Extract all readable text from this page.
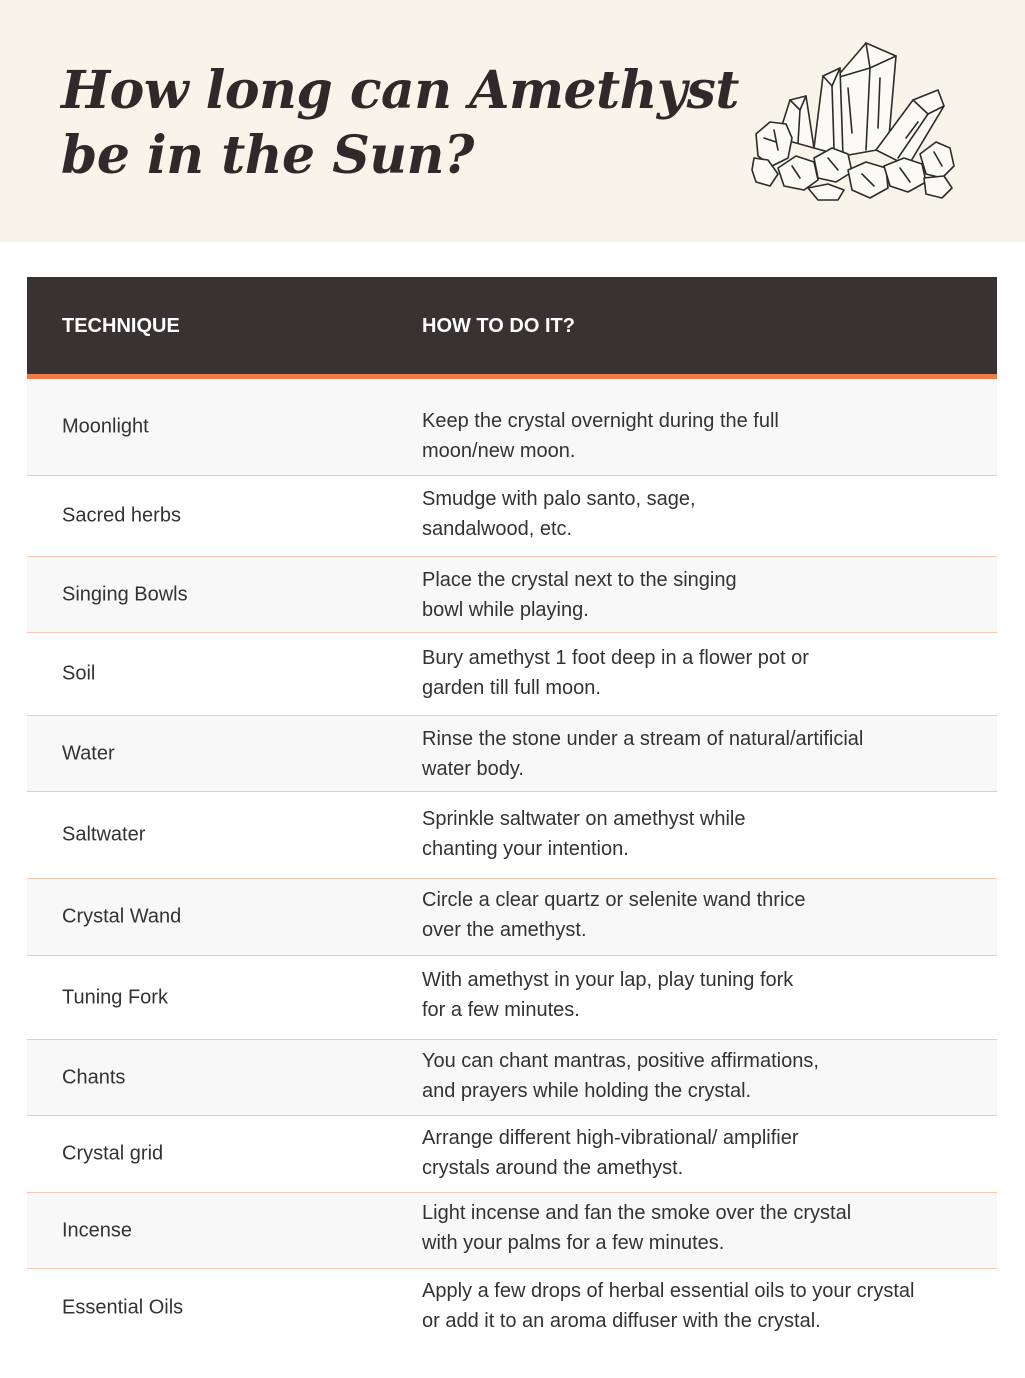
How long can Amethyst
be in the Sun?
TECHNIQUE	HOW TO DO IT?
Moonlight	Keep the crystal overnight during the full
moon/new moon.
Sacred herbs
Smudge with palo santo, sage,
sandalwood, etc.
Singing Bowls
Place the crystal next to the singing
bowl while playing.
Soil
Bury amethyst 1 foot deep in a flower pot or
garden till full moon.
Water
Rinse the stone under a stream of natural/artificial
water body.
Saltwater
Sprinkle saltwater on amethyst while
chanting your intention.
Crystal Wand
Circle a clear quartz or selenite wand thrice
over the amethyst.
Tuning Fork
With amethyst in your lap, play tuning fork
for a few minutes.
Chants
You can chant mantras, positive affirmations,
and prayers while holding the crystal.
Crystal grid
Arrange different high-vibrational/ amplifier
crystals around the amethyst.
Incense
Light incense and fan the smoke over the crystal
with your palms for a few minutes.
Essential Oils
Apply a few drops of herbal essential oils to your crystal
or add it to an aroma diffuser with the crystal.
